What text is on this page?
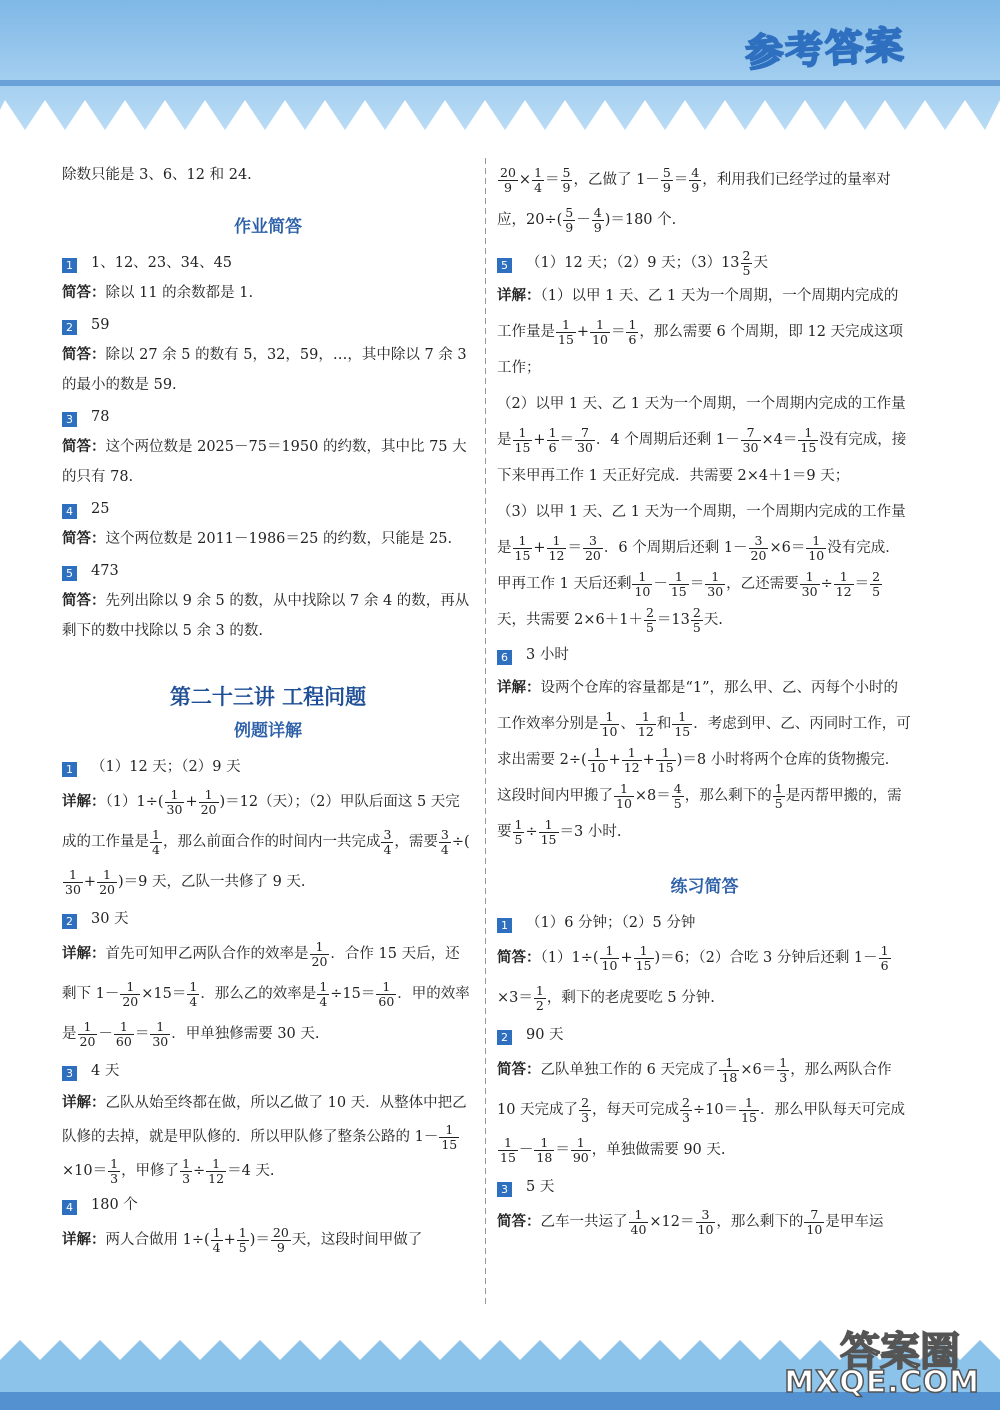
参考答案
答案圈
MXQE.COM

除数只能是 3、6、12 和 24.

作业简答
1 1、12、23、34、45

简答：除以 11 的余数都是 1.

2 59

简答：除以 27 余 5 的数有 5，32，59，…，其中除以 7 余 3 的最小的数是 59.

3 78

简答：这个两位数是 2025－75＝1950 的约数，其中比 75 大的只有 78.

4 25

简答：这个两位数是 2011－1986＝25 的约数，只能是 25.

5 473

简答：先列出除以 9 余 5 的数，从中找除以 7 余 4 的数，再从剩下的数中找除以 5 余 3 的数.

第二十三讲 工程问题
例题详解
1 （1）12 天；（2）9 天

详解：$(1)1\div( \frac{1}{30} + \frac{1}{20} )=12$（天）；（2）甲队后面这 5 天完成的工作量是 $\frac{1}{4}$ ，那么前面合作的时间内一共完成 $\frac{3}{4}$ ，需要 $\frac{3}{4}$ ÷(
$\frac{1}{30} + \frac{1}{20} )=9$ 天，乙队一共修了 9 天.

2 30 天

详解：首先可知甲乙两队合作的效率是 $\frac{1}{20}$ ．合作 15 天后，还剩下 $1- \frac{1}{20} \times 15= \frac{1}{4}$ ．那么乙的效率是 $\frac{1}{4} \div 15= \frac{1}{60}$ ．甲的效率是 $\frac{1}{20} - \frac{1}{60} = \frac{1}{30}$ ．甲单独修需要 30 天.

3 4 天

详解：乙队从始至终都在做，所以乙做了 10 天．从整体中把乙队修的去掉，就是甲队修的．所以甲队修了整条公路的 $1- \frac{1}{15}$
$\times 10= \frac{1}{3}$ ，甲修了 $\frac{1}{3} \div \frac{1}{12} =4$ 天.

4 180 个

详解：两人合做用 $1\div( \frac{1}{4} + \frac{1}{5}$ )＝ $\frac{20}{9}$ 天，这段时间甲做了

$\frac{20}{9} \times \frac{1}{4} = \frac{5}{9}$ ，乙做了 $1- \frac{5}{9} = \frac{4}{9}$ ，利用我们已经学过的量率对应，$20\div( \frac{5}{9} - \frac{4}{9} )=180$ 个.

5 （1）12 天；（2）9 天；$(3)13 \frac{2}{5}$ 天

详解：（1）以甲 1 天、乙 1 天为一个周期，一个周期内完成的工作量是 $\frac{1}{15} + \frac{1}{10} = \frac{1}{6}$ ，那么需要 6 个周期，即 12 天完成这项工作；

（2）以甲 1 天、乙 1 天为一个周期，一个周期内完成的工作量是 $\frac{1}{15} + \frac{1}{6} = \frac{7}{30}$ ．4 个周期后还剩 $1- \frac{7}{30} \times 4= \frac{1}{15}$ 没有完成，接下来甲再工作 1 天正好完成．共需要 2×4＋1＝9 天；

（3）以甲 1 天、乙 1 天为一个周期，一个周期内完成的工作量是 $\frac{1}{15} + \frac{1}{12} = \frac{3}{20}$ ．6 个周期后还剩 $1- \frac{3}{20} \times 6= \frac{1}{10}$ 没有完成．甲再工作 1 天后还剩 $\frac{1}{10} - \frac{1}{15} = \frac{1}{30}$ ，乙还需要 $\frac{1}{30} \div \frac{1}{12} = \frac{2}{5}$
天，共需要 $2\times 6+1+ \frac{2}{5} =13 \frac{2}{5}$ 天.

6 3 小时

详解：设两个仓库的容量都是“1”，那么甲、乙、丙每个小时的工作效率分别是 $\frac{1}{10}$ 、 $\frac{1}{12}$ 和 $\frac{1}{15}$ ．考虑到甲、乙、丙同时工作，可求出需要 $2\div( \frac{1}{10} + \frac{1}{12} + \frac{1}{15} )=8$ 小时将两个仓库的货物搬完．这段时间内甲搬了 $\frac{1}{10} \times 8= \frac{4}{5}$ ，那么剩下的 $\frac{1}{5}$ 是丙帮甲搬的，需要 $\frac{1}{5} \div \frac{1}{15} =3$ 小时.

练习简答
1 （1）6 分钟；（2）5 分钟

简答：$(1)1\div( \frac{1}{10} + \frac{1}{15} )=6$；（2）合吃 3 分钟后还剩 $1- \frac{1}{6}$
$\times 3= \frac{1}{2}$ ，剩下的老虎要吃 5 分钟.

2 90 天

简答：乙队单独工作的 6 天完成了 $\frac{1}{18} \times 6= \frac{1}{3}$ ，那么两队合作 10 天完成了 $\frac{2}{3}$ ，每天可完成 $\frac{2}{3} \div 10= \frac{1}{15}$ ．那么甲队每天可完成
$\frac{1}{15} - \frac{1}{18} = \frac{1}{90}$ ，单独做需要 90 天.

3 5 天

简答：乙车一共运了 $\frac{1}{40} \times 12= \frac{3}{10}$ ，那么剩下的 $\frac{7}{10}$ 是甲车运
